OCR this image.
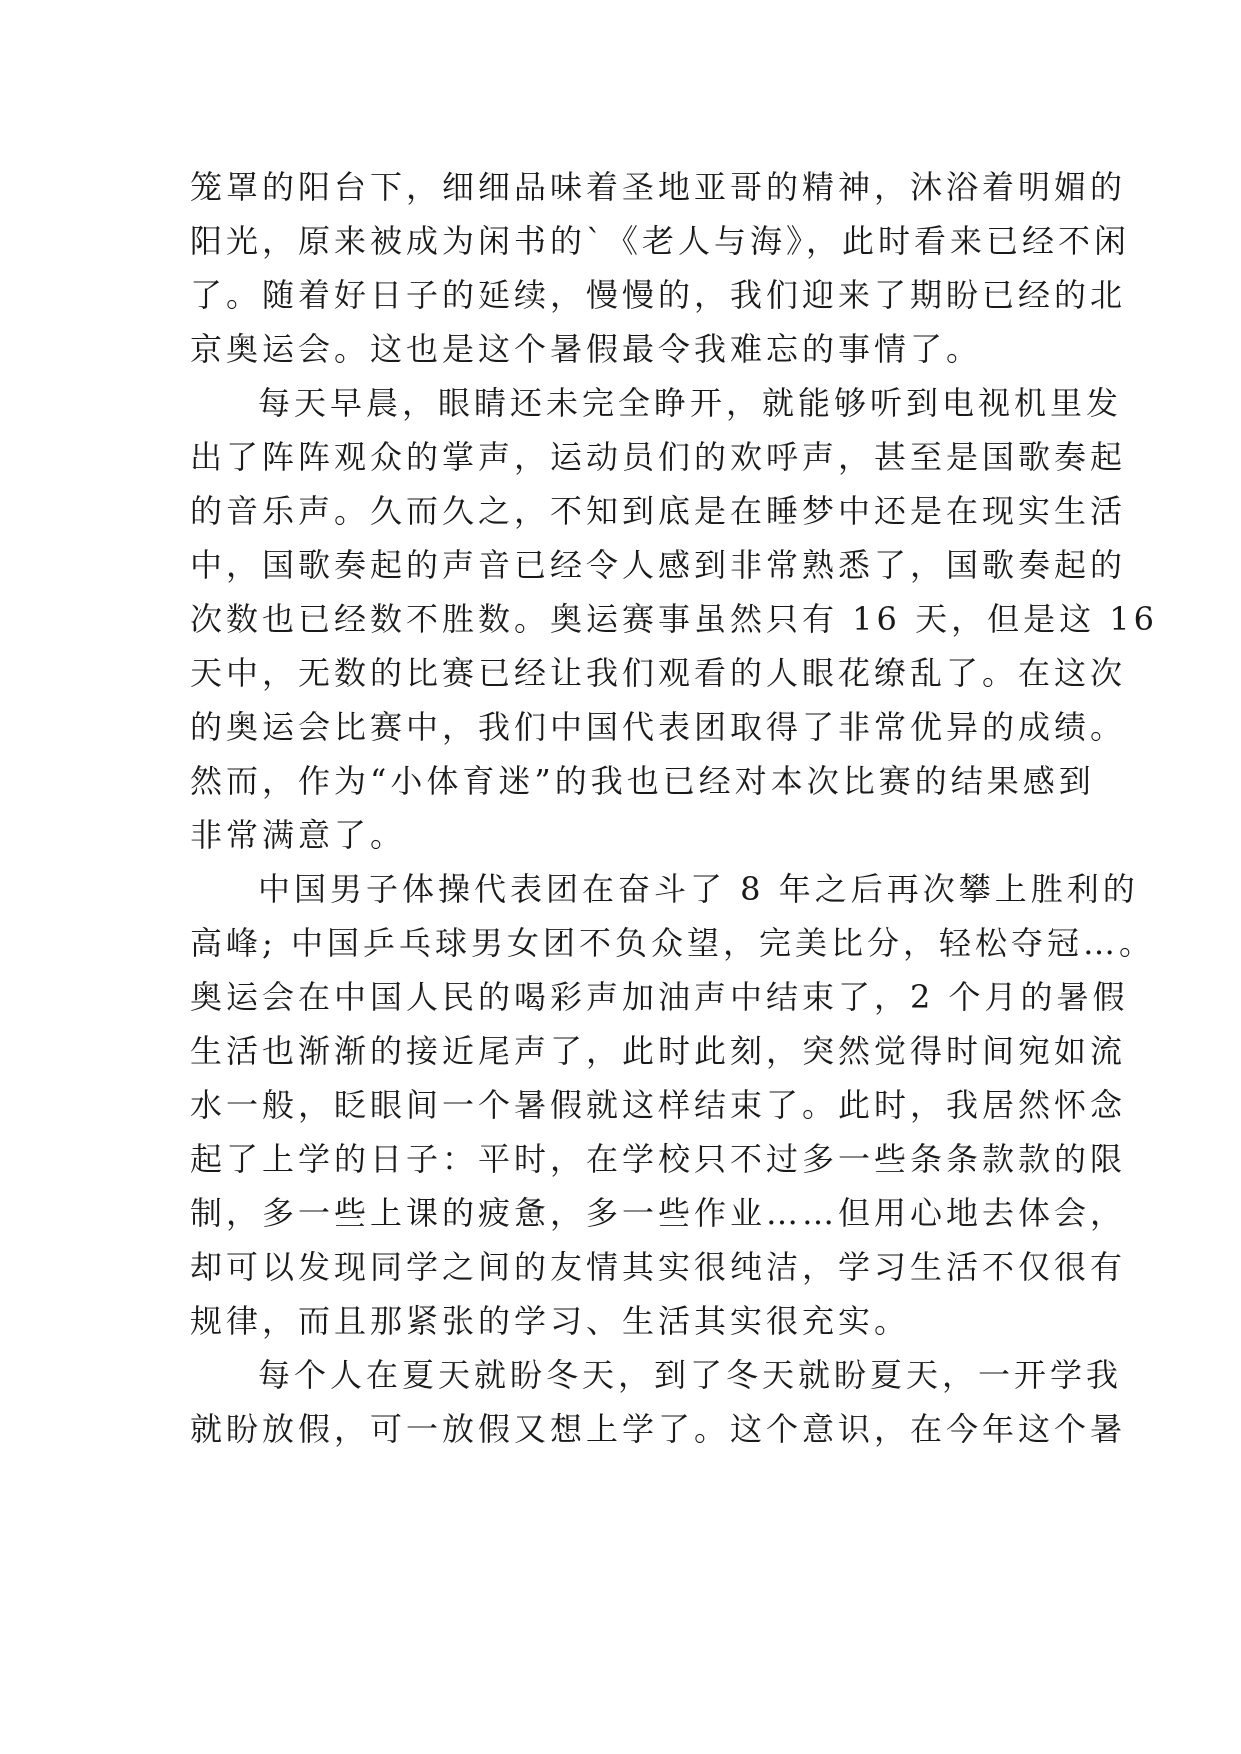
笼罩的阳台下，细细品味着圣地亚哥的精神，沐浴着明媚的
阳光，原来被成为闲书的`《老人与海》，此时看来已经不闲
了。随着好日子的延续，慢慢的，我们迎来了期盼已经的北
京奥运会。这也是这个暑假最令我难忘的事情了。
每天早晨，眼睛还未完全睁开，就能够听到电视机里发
出了阵阵观众的掌声，运动员们的欢呼声，甚至是国歌奏起
的音乐声。久而久之，不知到底是在睡梦中还是在现实生活
中，国歌奏起的声音已经令人感到非常熟悉了，国歌奏起的
次数也已经数不胜数。奥运赛事虽然只有 16 天，但是这 16
天中，无数的比赛已经让我们观看的人眼花缭乱了。在这次
的奥运会比赛中，我们中国代表团取得了非常优异的成绩。
然而，作为“小体育迷”的我也已经对本次比赛的结果感到
非常满意了。
中国男子体操代表团在奋斗了 8 年之后再次攀上胜利的
高峰; 中国乒乓球男女团不负众望，完美比分，轻松夺冠…。
奥运会在中国人民的喝彩声加油声中结束了，2 个月的暑假
生活也渐渐的接近尾声了，此时此刻，突然觉得时间宛如流
水一般，眨眼间一个暑假就这样结束了。此时，我居然怀念
起了上学的日子：平时，在学校只不过多一些条条款款的限
制，多一些上课的疲惫，多一些作业……但用心地去体会，
却可以发现同学之间的友情其实很纯洁，学习生活不仅很有
规律，而且那紧张的学习、生活其实很充实。
每个人在夏天就盼冬天，到了冬天就盼夏天，一开学我
就盼放假，可一放假又想上学了。这个意识，在今年这个暑
